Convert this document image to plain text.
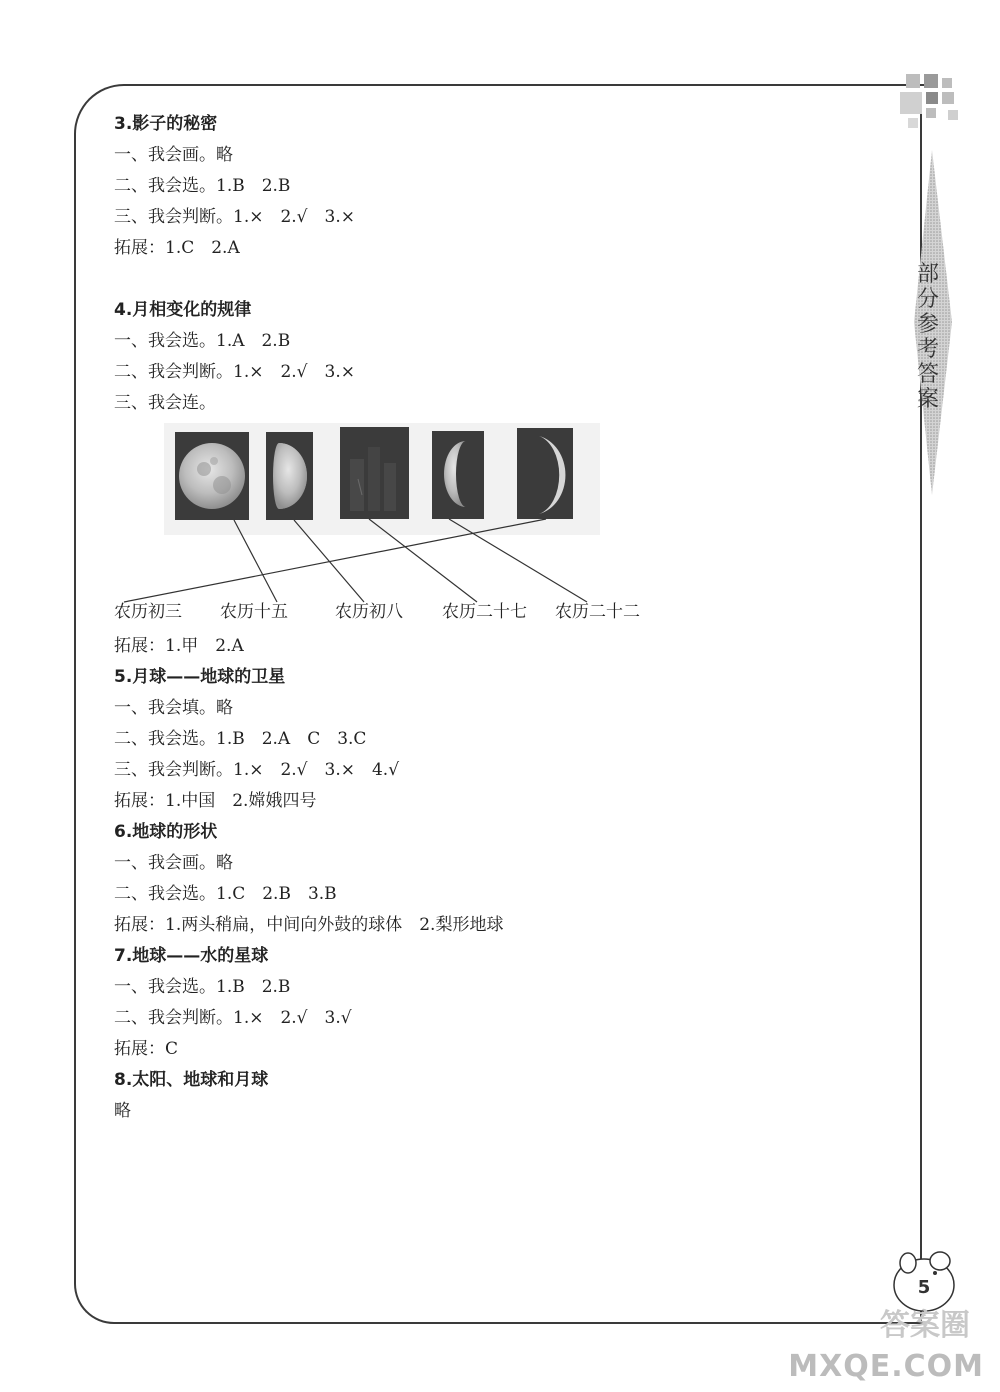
部分参考答案
3.影子的秘密
一、我会画。略
二、我会选。1.B　2.B
三、我会判断。1.×　2.√　3.×
拓展：1.C　2.A
4.月相变化的规律
一、我会选。1.A　2.B
二、我会判断。1.×　2.√　3.×
三、我会连。
农历初三 农历十五	农历初八 农历二十七 农历二十二
拓展：1.甲　2.A
5.月球——地球的卫星
一、我会填。略
二、我会选。1.B　2.A　C　3.C
三、我会判断。1.×　2.√　3.×　4.√
拓展：1.中国　2.嫦娥四号
6.地球的形状
一、我会画。略
二、我会选。1.C　2.B　3.B
拓展：1.两头稍扁，中间向外鼓的球体　2.梨形地球
7.地球——水的星球
一、我会选。1.B　2.B
二、我会判断。1.×　2.√　3.√
拓展：C
8.太阳、地球和月球
略
5
答案圈
MXQE.COM
